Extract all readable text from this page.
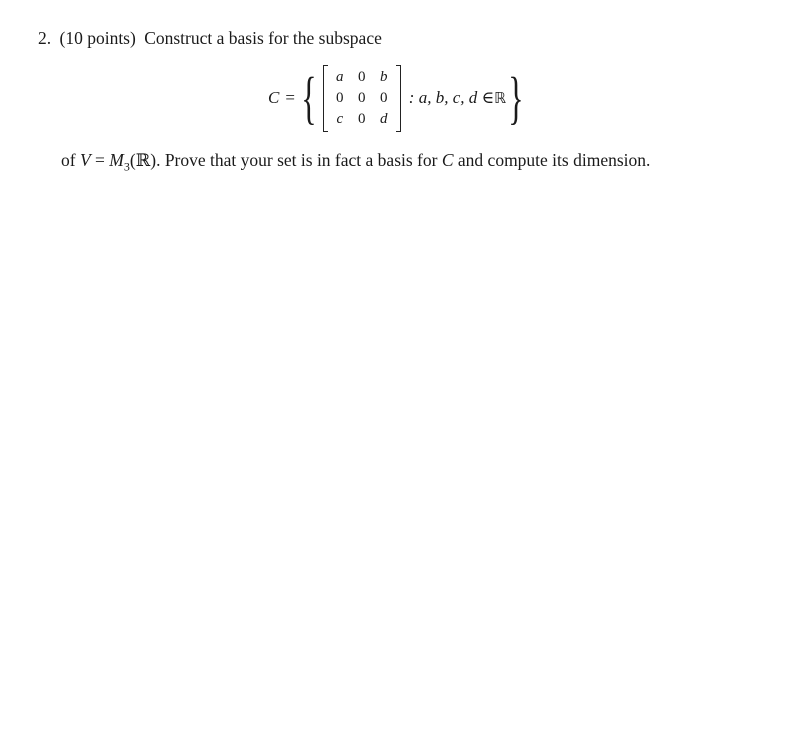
2. (10 points) Construct a basis for the subspace
C = { a	0	b
0	0	0
c	0	d
: a, b, c, d ∈ ℝ }
of $V = M_3(ℝ)$. Prove that your set is in fact a basis for C and compute its dimension.
